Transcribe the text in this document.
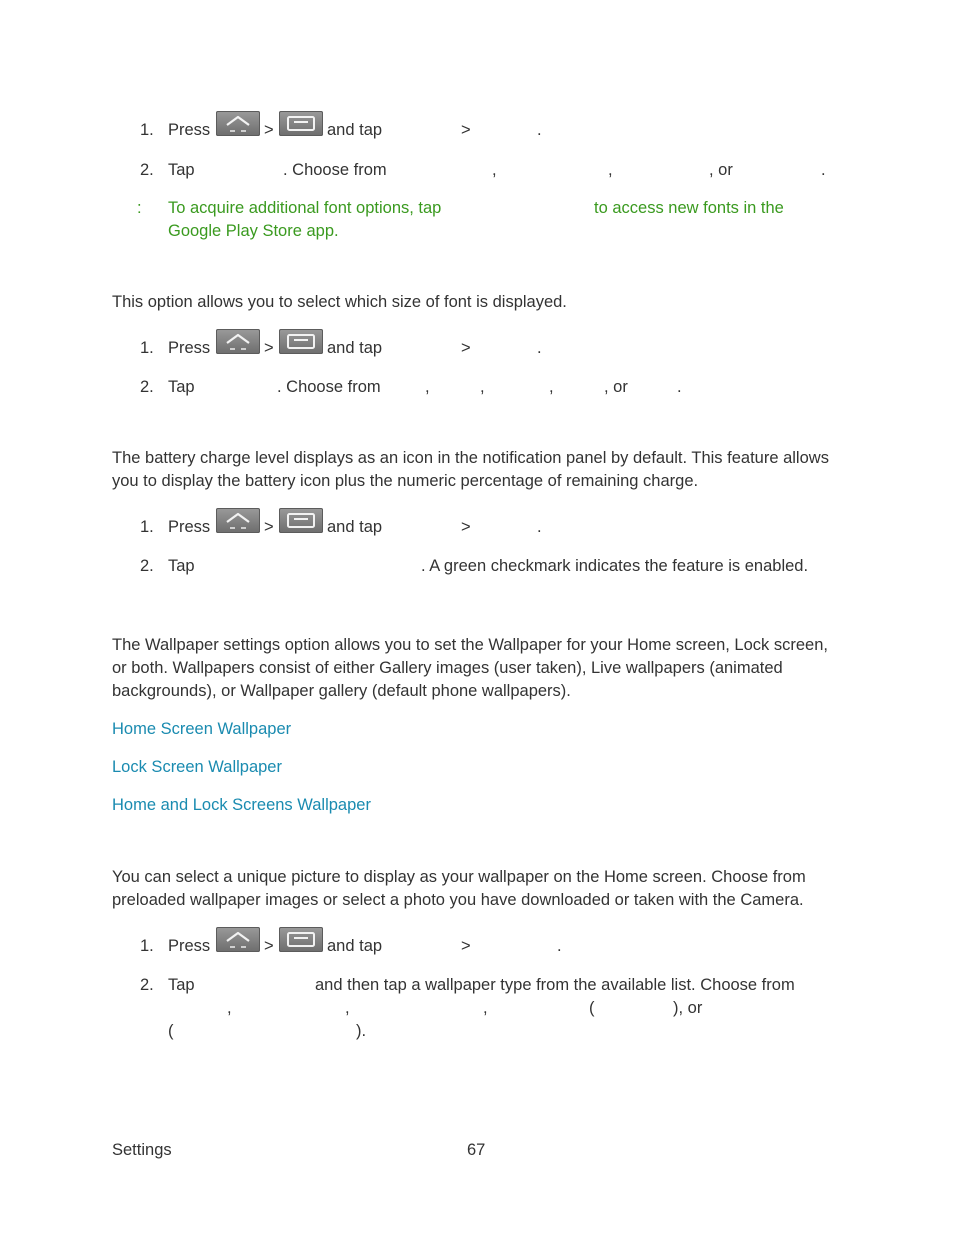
1. Press	>	and tap	>	.
2. Tap	. Choose from	,	,	, or	.
: To acquire additional font options, tap	to access new fonts in the
Google Play Store app.
This option allows you to select which size of font is displayed.
1. Press	>	and tap	>	.
2. Tap	. Choose from	,	,	,	, or	.
The battery charge level displays as an icon in the notification panel by default. This feature allows you to display the battery icon plus the numeric percentage of remaining charge.
1. Press	>	and tap	>	.
2. Tap	. A green checkmark indicates the feature is enabled.
The Wallpaper settings option allows you to set the Wallpaper for your Home screen, Lock screen, or both. Wallpapers consist of either Gallery images (user taken), Live wallpapers (animated backgrounds), or Wallpaper gallery (default phone wallpapers).
Home Screen Wallpaper
Lock Screen Wallpaper
Home and Lock Screens Wallpaper
You can select a unique picture to display as your wallpaper on the Home screen. Choose from preloaded wallpaper images or select a photo you have downloaded or taken with the Camera.
1. Press	>	and tap	>	.
2. Tap	and then tap a wallpaper type from the available list. Choose from
,	,	,	(	), or
(	).
Settings	67
